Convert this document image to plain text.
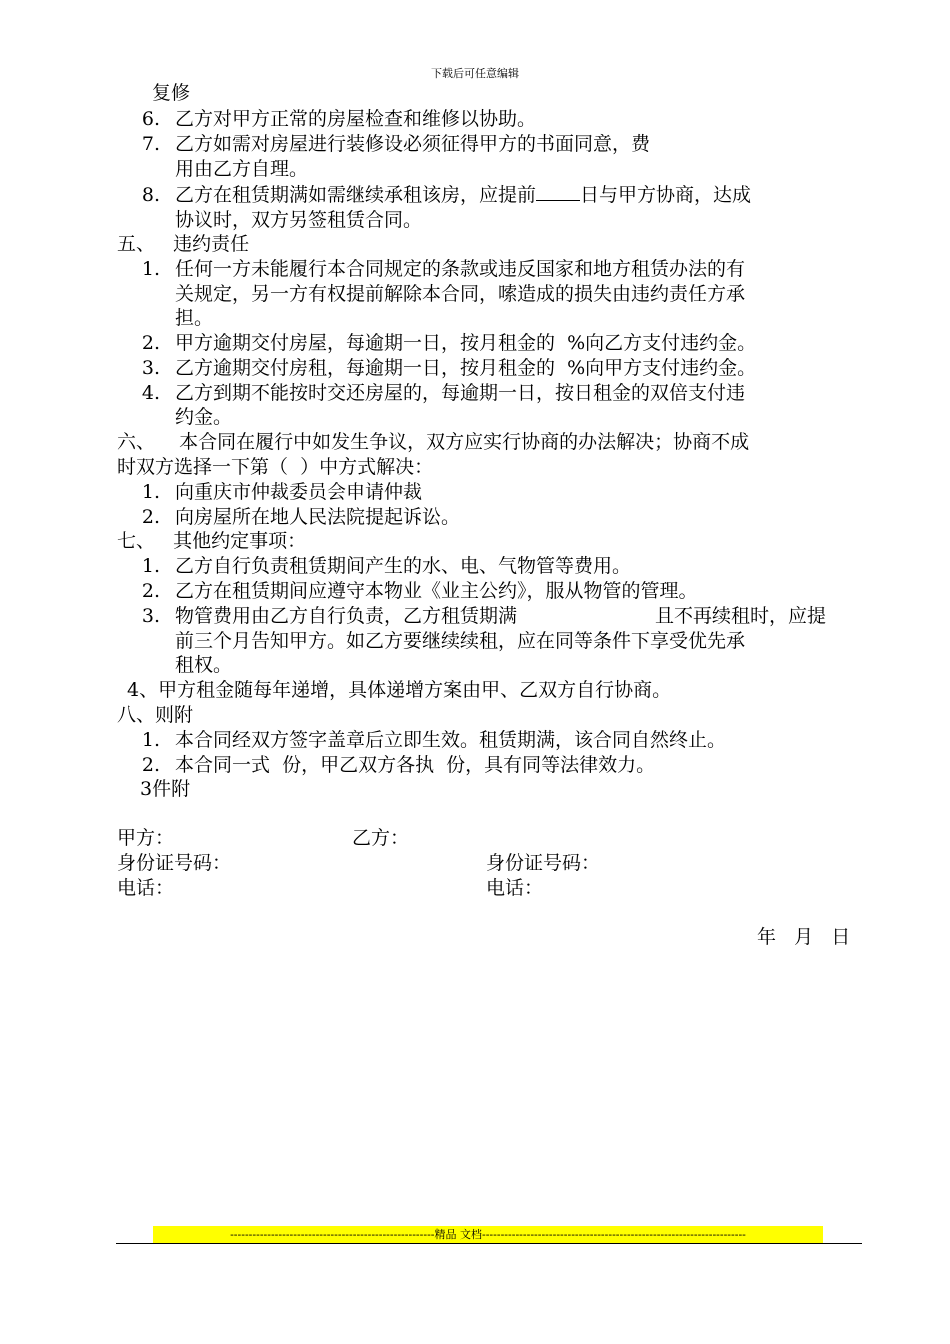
下载后可任意编辑
复修
6. 乙方对甲方正常的房屋检查和维修以协助。
7. 乙方如需对房屋进行装修设必须征得甲方的书面同意，费
用由乙方自理。
8. 乙方在租赁期满如需继续承租该房，应提前 日与甲方协商，达成
协议时，双方另签租赁合同。
五、   违约责任
1. 任何一方未能履行本合同规定的条款或违反国家和地方租赁办法的有
关规定，另一方有权提前解除本合同，嗦造成的损失由违约责任方承
担。
2. 甲方逾期交付房屋，每逾期一日，按月租金的  %向乙方支付违约金。
3. 乙方逾期交付房租，每逾期一日，按月租金的  %向甲方支付违约金。
4. 乙方到期不能按时交还房屋的，每逾期一日，按日租金的双倍支付违
约金。
六、    本合同在履行中如发生争议，双方应实行协商的办法解决；协商不成
时双方选择一下第（  ）中方式解决：
1. 向重庆市仲裁委员会申请仲裁
2. 向房屋所在地人民法院提起诉讼。
七、   其他约定事项：
1. 乙方自行负责租赁期间产生的水、电、气物管等费用。
2. 乙方在租赁期间应遵守本物业《业主公约》，服从物管的管理。
3. 物管费用由乙方自行负责，乙方租赁期满	且不再续租时，应提
前三个月告知甲方。如乙方要继续续租，应在同等条件下享受优先承
租权。
4、甲方租金随每年递增，具体递增方案由甲、乙双方自行协商。
八、则附
1. 本合同经双方签字盖章后立即生效。租赁期满，该合同自然终止。
2. 本合同一式  份，甲乙双方各执  份，具有同等法律效力。
3件附
甲方：	乙方：
身份证号码：	身份证号码：
电话：	电话：
年   月   日
-------------------------------------------------------精品 文档-----------------------------------------------------------------------
